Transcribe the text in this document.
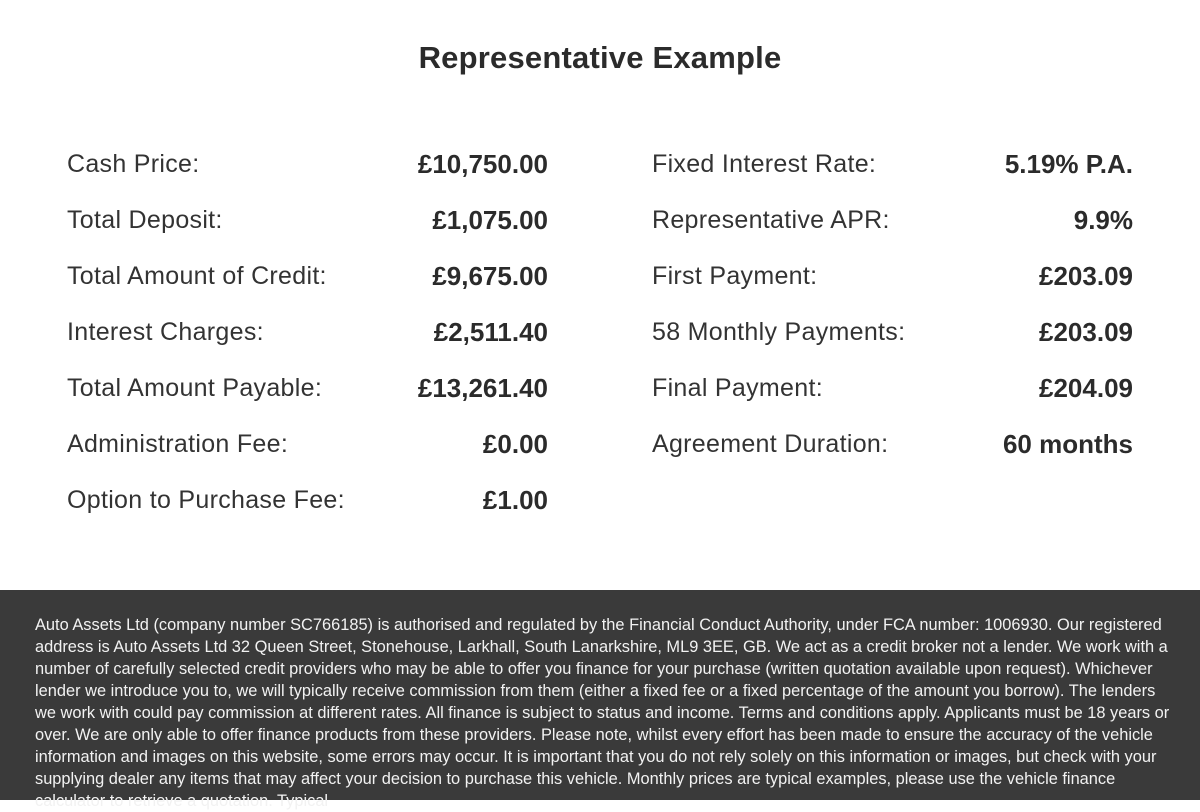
Representative Example
Cash Price:	£10,750.00
Total Deposit:	£1,075.00
Total Amount of Credit:	£9,675.00
Interest Charges:	£2,511.40
Total Amount Payable:	£13,261.40
Administration Fee:	£0.00
Option to Purchase Fee:	£1.00
Fixed Interest Rate:	5.19% P.A.
Representative APR:	9.9%
First Payment:	£203.09
58 Monthly Payments:	£203.09
Final Payment:	£204.09
Agreement Duration:	60 months

Auto Assets Ltd (company number SC766185) is authorised and regulated by the Financial Conduct Authority, under FCA number: 1006930. Our registered address is Auto Assets Ltd 32 Queen Street, Stonehouse, Larkhall, South Lanarkshire, ML9 3EE, GB. We act as a credit broker not a lender. We work with a number of carefully selected credit providers who may be able to offer you finance for your purchase (written quotation available upon request). Whichever lender we introduce you to, we will typically receive commission from them (either a fixed fee or a fixed percentage of the amount you borrow). The lenders we work with could pay commission at different rates. All finance is subject to status and income. Terms and conditions apply. Applicants must be 18 years or over. We are only able to offer finance products from these providers. Please note, whilst every effort has been made to ensure the accuracy of the vehicle information and images on this website, some errors may occur. It is important that you do not rely solely on this information or images, but check with your supplying dealer any items that may affect your decision to purchase this vehicle. Monthly prices are typical examples, please use the vehicle finance calculator to retrieve a quotation. Typical
